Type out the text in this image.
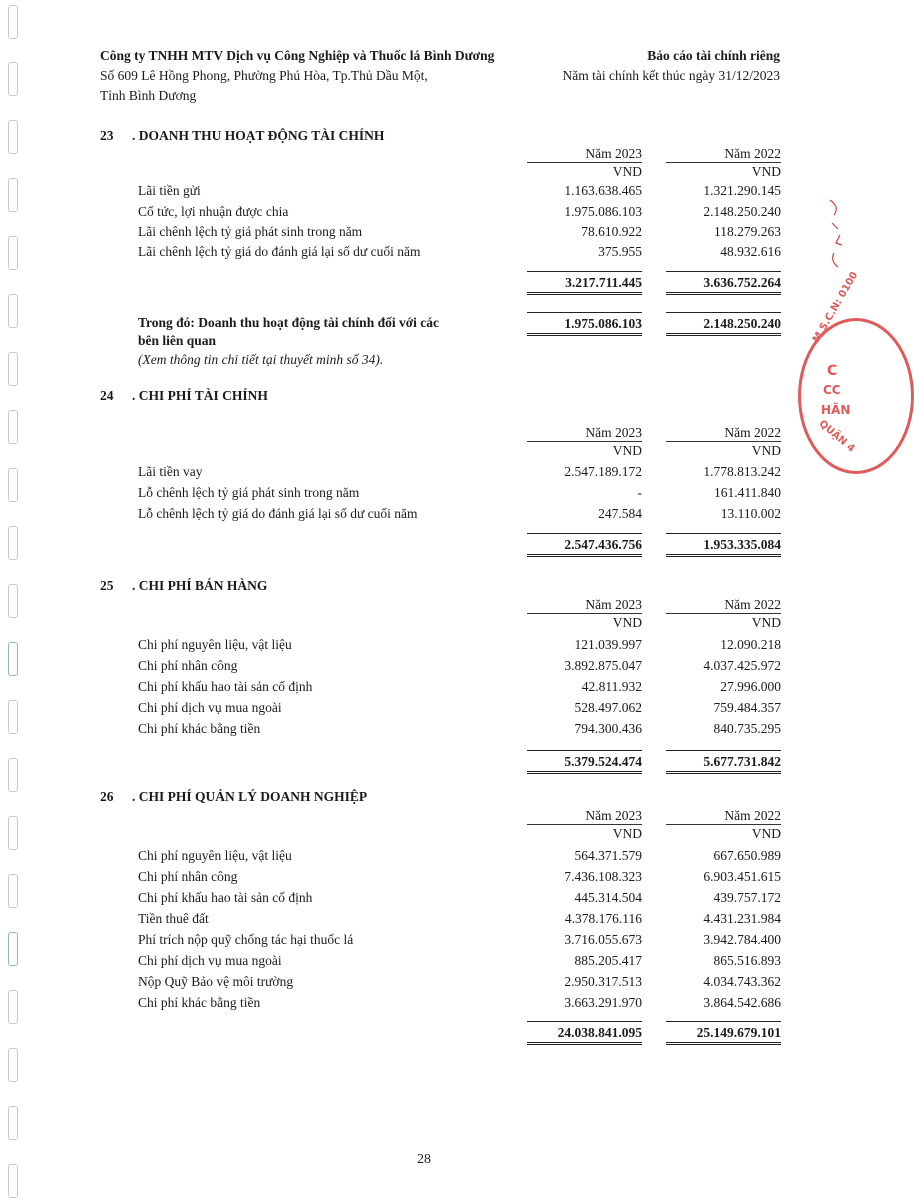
Công ty TNHH MTV Dịch vụ Công Nghiệp và Thuốc lá Bình Dương
Số 609 Lê Hồng Phong, Phường Phú Hòa, Tp.Thủ Dầu Một,
Tỉnh Bình Dương
Báo cáo tài chính riêng
Năm tài chính kết thúc ngày 31/12/2023
23 . DOANH THU HOẠT ĐỘNG TÀI CHÍNH
Năm 2023	Năm 2022
VND	VND
Lãi tiền gửi	1.163.638.465	1.321.290.145
Cổ tức, lợi nhuận được chia	1.975.086.103	2.148.250.240
Lãi chênh lệch tỷ giá phát sinh trong năm	78.610.922	118.279.263
Lãi chênh lệch tỷ giá do đánh giá lại số dư cuối năm	375.955	48.932.616
3.217.711.445	3.636.752.264
Trong đó: Doanh thu hoạt động tài chính đối với các
bên liên quan
1.975.086.103	2.148.250.240
(Xem thông tin chi tiết tại thuyết minh số 34).
24 . CHI PHÍ TÀI CHÍNH
Năm 2023	Năm 2022
VND	VND
Lãi tiền vay	2.547.189.172	1.778.813.242
Lỗ chênh lệch tỷ giá phát sinh trong năm	-	161.411.840
Lỗ chênh lệch tỷ giá do đánh giá lại số dư cuối năm	247.584	13.110.002
2.547.436.756	1.953.335.084
25 . CHI PHÍ BÁN HÀNG
Năm 2023	Năm 2022
VND	VND
Chi phí nguyên liệu, vật liệu	121.039.997	12.090.218
Chi phí nhân công	3.892.875.047	4.037.425.972
Chi phí khấu hao tài sản cố định	42.811.932	27.996.000
Chi phí dịch vụ mua ngoài	528.497.062	759.484.357
Chi phí khác bằng tiền	794.300.436	840.735.295
5.379.524.474	5.677.731.842
26 . CHI PHÍ QUẢN LÝ DOANH NGHIỆP
Năm 2023	Năm 2022
VND	VND
Chi phí nguyên liệu, vật liệu	564.371.579	667.650.989
Chi phí nhân công	7.436.108.323	6.903.451.615
Chi phí khấu hao tài sản cố định	445.314.504	439.757.172
Tiền thuê đất	4.378.176.116	4.431.231.984
Phí trích nộp quỹ chống tác hại thuốc lá	3.716.055.673	3.942.784.400
Chi phí dịch vụ mua ngoài	885.205.417	865.516.893
Nộp Quỹ Bảo vệ môi trường	2.950.317.513	4.034.743.362
Chi phí khác bằng tiền	3.663.291.970	3.864.542.686
24.038.841.095	25.149.679.101
M.S.C.N: 0100
C
CC
HÃN
QUẬN 4
28
